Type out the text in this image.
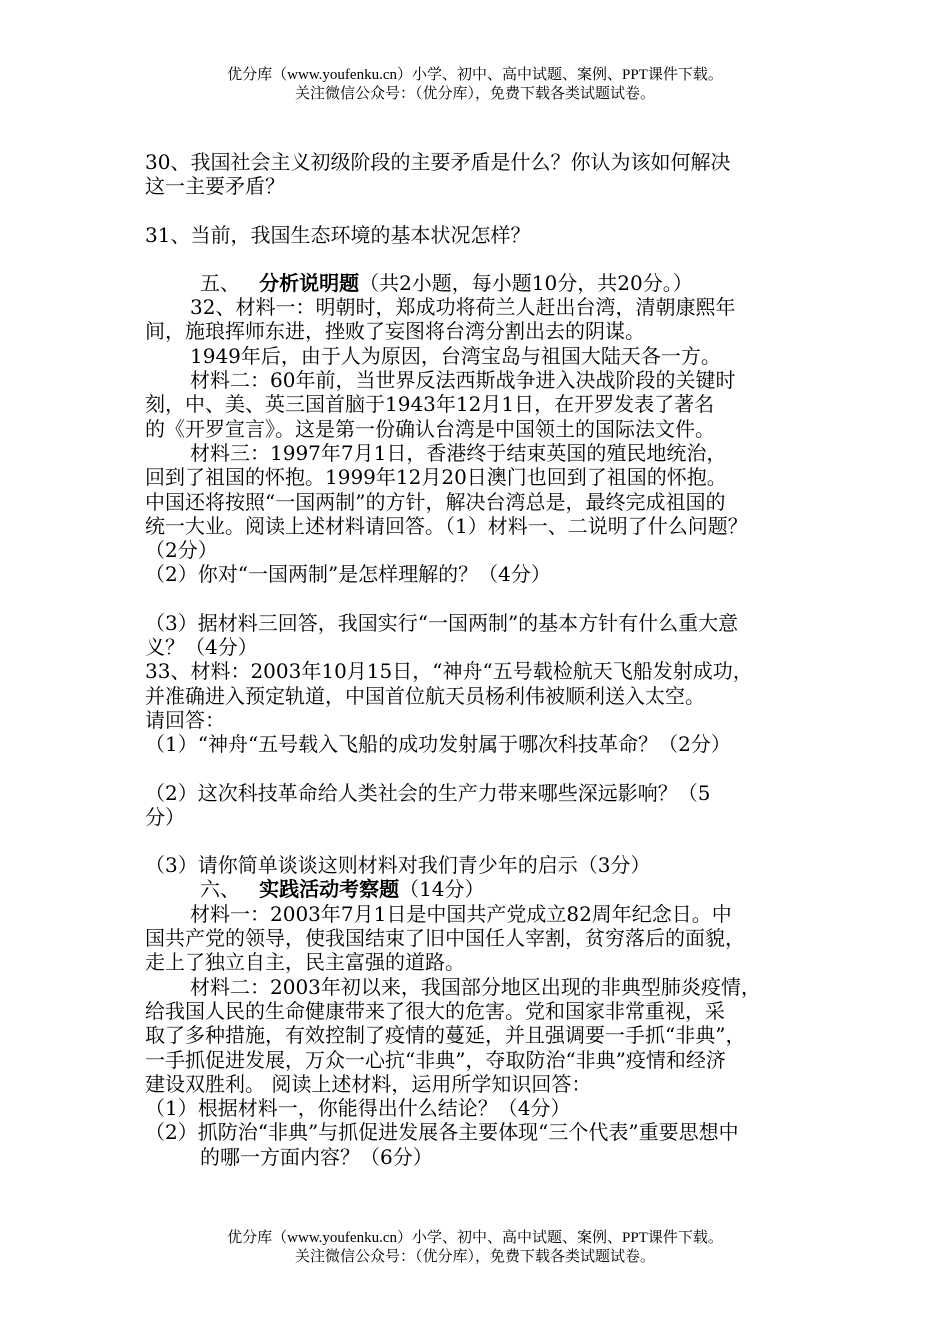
优分库（www.youfenku.cn）小学、初中、高中试题、案例、PPT课件下载。
关注微信公众号：（优分库），免费下载各类试题试卷。
30、我国社会主义初级阶段的主要矛盾是什么？你认为该如何解决
这一主要矛盾？
31、当前，我国生态环境的基本状况怎样？
五、 分析说明题（共2小题，每小题10分，共20分。）
32、材料一：明朝时，郑成功将荷兰人赶出台湾，清朝康熙年
间，施琅挥师东进，挫败了妄图将台湾分割出去的阴谋。
1949年后，由于人为原因，台湾宝岛与祖国大陆天各一方。
材料二：60年前，当世界反法西斯战争进入决战阶段的关键时
刻，中、美、英三国首脑于1943年12月1日，在开罗发表了著名
的《开罗宣言》。这是第一份确认台湾是中国领土的国际法文件。
材料三：1997年7月1日，香港终于结束英国的殖民地统治，
回到了祖国的怀抱。1999年12月20日澳门也回到了祖国的怀抱。
中国还将按照“一国两制”的方针，解决台湾总是，最终完成祖国的
统一大业。阅读上述材料请回答。（1）材料一、二说明了什么问题？
（2分）
（2）你对“一国两制”是怎样理解的？（4分）
（3）据材料三回答，我国实行“一国两制”的基本方针有什么重大意
义？（4分）
33、材料：2003年10月15日，“神舟“五号载检航天飞船发射成功，
并准确进入预定轨道，中国首位航天员杨利伟被顺利送入太空。
请回答：
（1）“神舟“五号载入飞船的成功发射属于哪次科技革命？（2分）
（2）这次科技革命给人类社会的生产力带来哪些深远影响？（5
分）
（3）请你简单谈谈这则材料对我们青少年的启示（3分）
六、 实践活动考察题（14分）
材料一：2003年7月1日是中国共产党成立82周年纪念日。中
国共产党的领导，使我国结束了旧中国任人宰割，贫穷落后的面貌，
走上了独立自主，民主富强的道路。
材料二：2003年初以来，我国部分地区出现的非典型肺炎疫情，
给我国人民的生命健康带来了很大的危害。党和国家非常重视，采
取了多种措施，有效控制了疫情的蔓延，并且强调要一手抓“非典”，
一手抓促进发展，万众一心抗“非典”，夺取防治“非典”疫情和经济
建设双胜利。 阅读上述材料，运用所学知识回答：
（1）根据材料一，你能得出什么结论？（4分）
（2）抓防治“非典”与抓促进发展各主要体现“三个代表”重要思想中
的哪一方面内容？（6分）
优分库（www.youfenku.cn）小学、初中、高中试题、案例、PPT课件下载。
关注微信公众号：（优分库），免费下载各类试题试卷。
